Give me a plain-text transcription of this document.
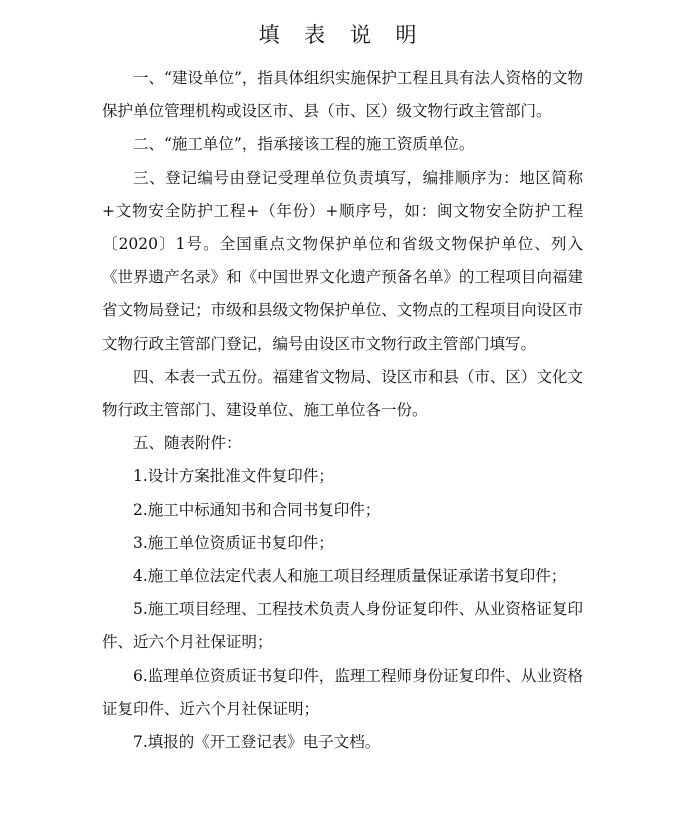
填 表 说 明

一、“建设单位”，指具体组织实施保护工程且具有法人资格的文物保护单位管理机构或设区市、县（市、区）级文物行政主管部门。

二、“施工单位”，指承接该工程的施工资质单位。

三、登记编号由登记受理单位负责填写，编排顺序为：地区简称+文物安全防护工程+（年份）+顺序号，如：闽文物安全防护工程〔2020〕1号。全国重点文物保护单位和省级文物保护单位、列入《世界遗产名录》和《中国世界文化遗产预备名单》的工程项目向福建省文物局登记；市级和县级文物保护单位、文物点的工程项目向设区市文物行政主管部门登记，编号由设区市文物行政主管部门填写。

四、本表一式五份。福建省文物局、设区市和县（市、区）文化文物行政主管部门、建设单位、施工单位各一份。

五、随表附件：

1.设计方案批准文件复印件；

2.施工中标通知书和合同书复印件；

3.施工单位资质证书复印件；

4.施工单位法定代表人和施工项目经理质量保证承诺书复印件；

5.施工项目经理、工程技术负责人身份证复印件、从业资格证复印件、近六个月社保证明；

6.监理单位资质证书复印件，监理工程师身份证复印件、从业资格证复印件、近六个月社保证明；

7.填报的《开工登记表》电子文档。
